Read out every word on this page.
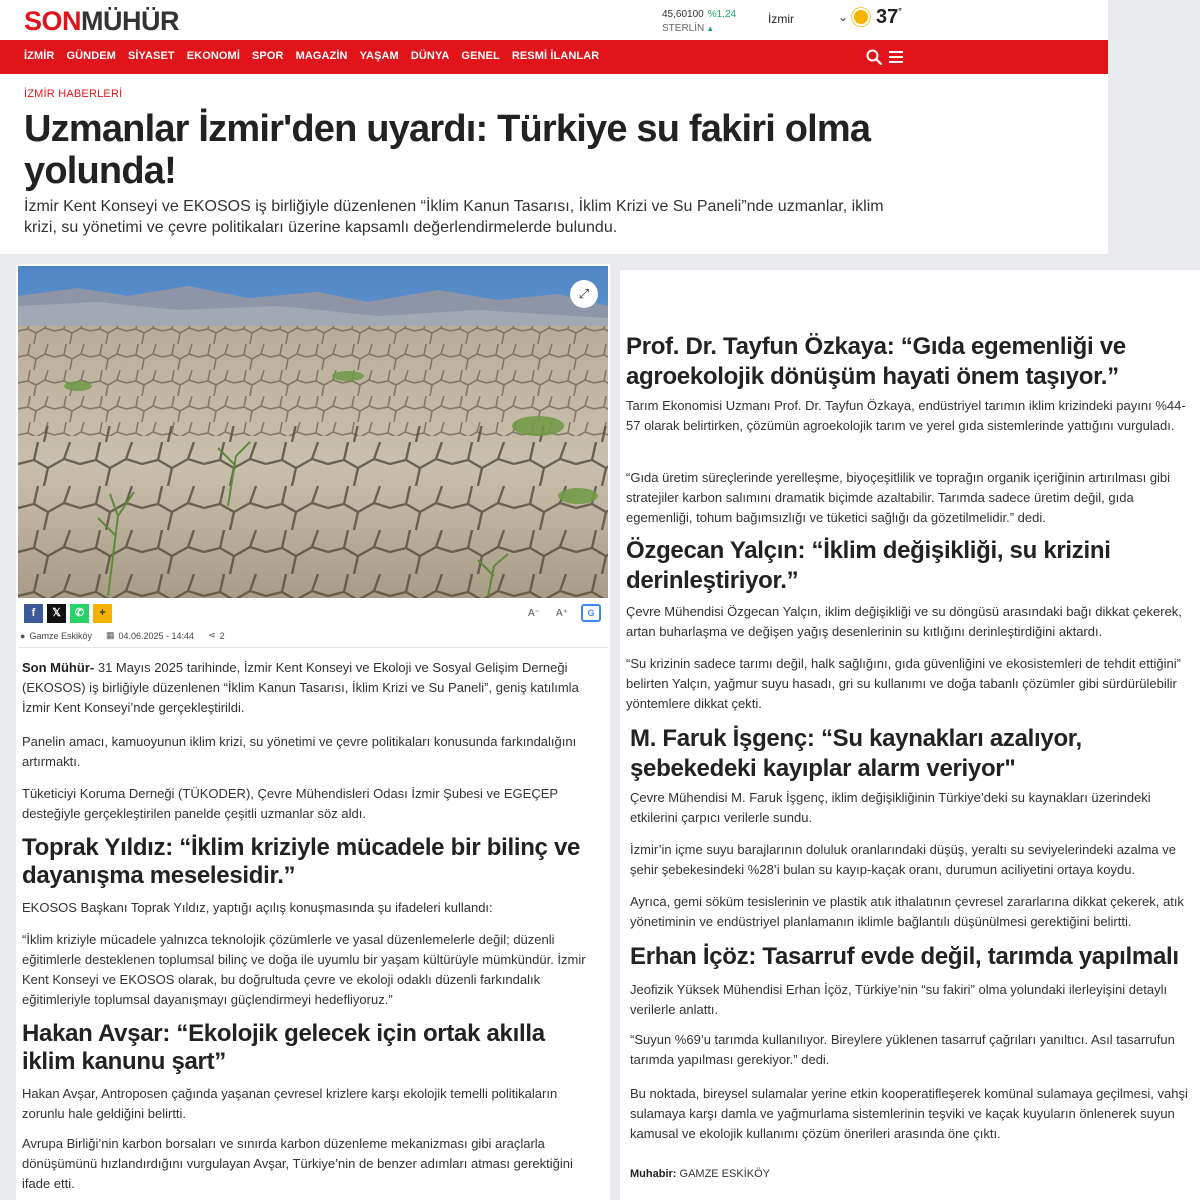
SONMÜHÜR	45,60100 %1.24
STERLİN ▲
İzmir	⌄ 37°
İZMİR GÜNDEM SİYASET EKONOMİ SPOR MAGAZİN YAŞAM DÜNYA GENEL RESMİ İLANLAR
İZMİR HABERLERİ
Uzmanlar İzmir'den uyardı: Türkiye su fakiri olma yolunda!

İzmir Kent Konseyi ve EKOSOS iş birliğiyle düzenlenen “İklim Kanun Tasarısı, İklim Krizi ve Su Paneli”nde uzmanlar, iklim krizi, su yönetimi ve çevre politikaları üzerine kapsamlı değerlendirmelerde bulundu.

⤢
f	𝕏	✆	+	A⁻ A⁺	G
● Gamze Eskiköy ▦ 04.06.2025 - 14:44 ⋖ 2

Son Mühür- 31 Mayıs 2025 tarihinde, İzmir Kent Konseyi ve Ekoloji ve Sosyal Gelişim Derneği (EKOSOS) iş birliğiyle düzenlenen “İklim Kanun Tasarısı, İklim Krizi ve Su Paneli”, geniş katılımla İzmir Kent Konseyi’nde gerçekleştirildi.

Panelin amacı, kamuoyunun iklim krizi, su yönetimi ve çevre politikaları konusunda farkındalığını artırmaktı.

Tüketiciyi Koruma Derneği (TÜKODER), Çevre Mühendisleri Odası İzmir Şubesi ve EGEÇEP desteğiyle gerçekleştirilen panelde çeşitli uzmanlar söz aldı.

Toprak Yıldız: “İklim kriziyle mücadele bir bilinç ve dayanışma meselesidir.”

EKOSOS Başkanı Toprak Yıldız, yaptığı açılış konuşmasında şu ifadeleri kullandı:

“İklim kriziyle mücadele yalnızca teknolojik çözümlerle ve yasal düzenlemelerle değil; düzenli eğitimlerle desteklenen toplumsal bilinç ve doğa ile uyumlu bir yaşam kültürüyle mümkündür. İzmir Kent Konseyi ve EKOSOS olarak, bu doğrultuda çevre ve ekoloji odaklı düzenli farkındalık eğitimleriyle toplumsal dayanışmayı güçlendirmeyi hedefliyoruz.”

Hakan Avşar: “Ekolojik gelecek için ortak akılla iklim kanunu şart”

Hakan Avşar, Antroposen çağında yaşanan çevresel krizlere karşı ekolojik temelli politikaların zorunlu hale geldiğini belirtti.

Avrupa Birliği’nin karbon borsaları ve sınırda karbon düzenleme mekanizması gibi araçlarla dönüşümünü hızlandırdığını vurgulayan Avşar, Türkiye’nin de benzer adımları atması gerektiğini ifade etti.

Prof. Dr. Tayfun Özkaya: “Gıda egemenliği ve agroekolojik dönüşüm hayati önem taşıyor.”

Tarım Ekonomisi Uzmanı Prof. Dr. Tayfun Özkaya, endüstriyel tarımın iklim krizindeki payını %44-57 olarak belirtirken, çözümün agroekolojik tarım ve yerel gıda sistemlerinde yattığını vurguladı.

“Gıda üretim süreçlerinde yerelleşme, biyoçeşitlilik ve toprağın organik içeriğinin artırılması gibi stratejiler karbon salımını dramatik biçimde azaltabilir. Tarımda sadece üretim değil, gıda egemenliği, tohum bağımsızlığı ve tüketici sağlığı da gözetilmelidir.” dedi.

Özgecan Yalçın: “İklim değişikliği, su krizini derinleştiriyor.”

Çevre Mühendisi Özgecan Yalçın, iklim değişikliği ve su döngüsü arasındaki bağı dikkat çekerek, artan buharlaşma ve değişen yağış desenlerinin su kıtlığını derinleştirdiğini aktardı.

“Su krizinin sadece tarımı değil, halk sağlığını, gıda güvenliğini ve ekosistemleri de tehdit ettiğini” belirten Yalçın, yağmur suyu hasadı, gri su kullanımı ve doğa tabanlı çözümler gibi sürdürülebilir yöntemlere dikkat çekti.

M. Faruk İşgenç: “Su kaynakları azalıyor, şebekedeki kayıplar alarm veriyor"

Çevre Mühendisi M. Faruk İşgenç, iklim değişikliğinin Türkiye’deki su kaynakları üzerindeki etkilerini çarpıcı verilerle sundu.

İzmir’in içme suyu barajlarının doluluk oranlarındaki düşüş, yeraltı su seviyelerindeki azalma ve şehir şebekesindeki %28’i bulan su kayıp-kaçak oranı, durumun aciliyetini ortaya koydu.

Ayrıca, gemi söküm tesislerinin ve plastik atık ithalatının çevresel zararlarına dikkat çekerek, atık yönetiminin ve endüstriyel planlamanın iklimle bağlantılı düşünülmesi gerektiğini belirtti.

Erhan İçöz: Tasarruf evde değil, tarımda yapılmalı

Jeofizik Yüksek Mühendisi Erhan İçöz, Türkiye’nin “su fakiri” olma yolundaki ilerleyişini detaylı verilerle anlattı.

“Suyun %69’u tarımda kullanılıyor. Bireylere yüklenen tasarruf çağrıları yanıltıcı. Asıl tasarrufun tarımda yapılması gerekiyor.” dedi.

Bu noktada, bireysel sulamalar yerine etkin kooperatifleşerek komünal sulamaya geçilmesi, vahşi sulamaya karşı damla ve yağmurlama sistemlerinin teşviki ve kaçak kuyuların önlenerek suyun kamusal ve ekolojik kullanımı çözüm önerileri arasında öne çıktı.

Muhabir: GAMZE ESKİKÖY
